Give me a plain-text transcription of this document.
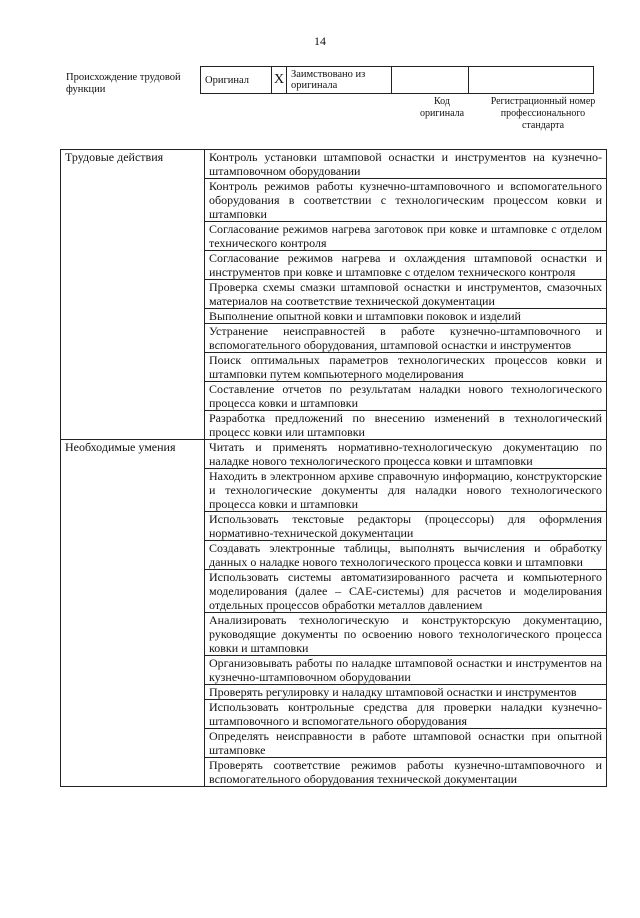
14
Происхождение трудовой функции
Оригинал	X	Заимствовано из оригинала		
Код оригинала
Регистрационный номер профессионального стандарта
Трудовые действия	Контроль установки штамповой оснастки и инструментов на кузнечно-штамповочном оборудовании
	Контроль режимов работы кузнечно-штамповочного и вспомогательного оборудования в соответствии с технологическим процессом ковки и штамповки
	Согласование режимов нагрева заготовок при ковке и штамповке с отделом технического контроля
	Согласование режимов нагрева и охлаждения штамповой оснастки и инструментов при ковке и штамповке с отделом технического контроля
	Проверка схемы смазки штамповой оснастки и инструментов, смазочных материалов на соответствие технической документации
	Выполнение опытной ковки и штамповки поковок и изделий
	Устранение неисправностей в работе кузнечно-штамповочного и вспомогательного оборудования, штамповой оснастки и инструментов
	Поиск оптимальных параметров технологических процессов ковки и штамповки путем компьютерного моделирования
	Составление отчетов по результатам наладки нового технологического процесса ковки и штамповки
	Разработка предложений по внесению изменений в технологический процесс ковки или штамповки
Необходимые умения	Читать и применять нормативно-технологическую документацию по наладке нового технологического процесса ковки и штамповки
	Находить в электронном архиве справочную информацию, конструкторские и технологические документы для наладки нового технологического процесса ковки и штамповки
	Использовать текстовые редакторы (процессоры) для оформления нормативно-технической документации
	Создавать электронные таблицы, выполнять вычисления и обработку данных о наладке нового технологического процесса ковки и штамповки
	Использовать системы автоматизированного расчета и компьютерного моделирования (далее – САЕ-системы) для расчетов и моделирования отдельных процессов обработки металлов давлением
	Анализировать технологическую и конструкторскую документацию, руководящие документы по освоению нового технологического процесса ковки и штамповки
	Организовывать работы по наладке штамповой оснастки и инструментов на кузнечно-штамповочном оборудовании
	Проверять регулировку и наладку штамповой оснастки и инструментов
	Использовать контрольные средства для проверки наладки кузнечно-штамповочного и вспомогательного оборудования
	Определять неисправности в работе штамповой оснастки при опытной штамповке
	Проверять соответствие режимов работы кузнечно-штамповочного и вспомогательного оборудования технической документации
